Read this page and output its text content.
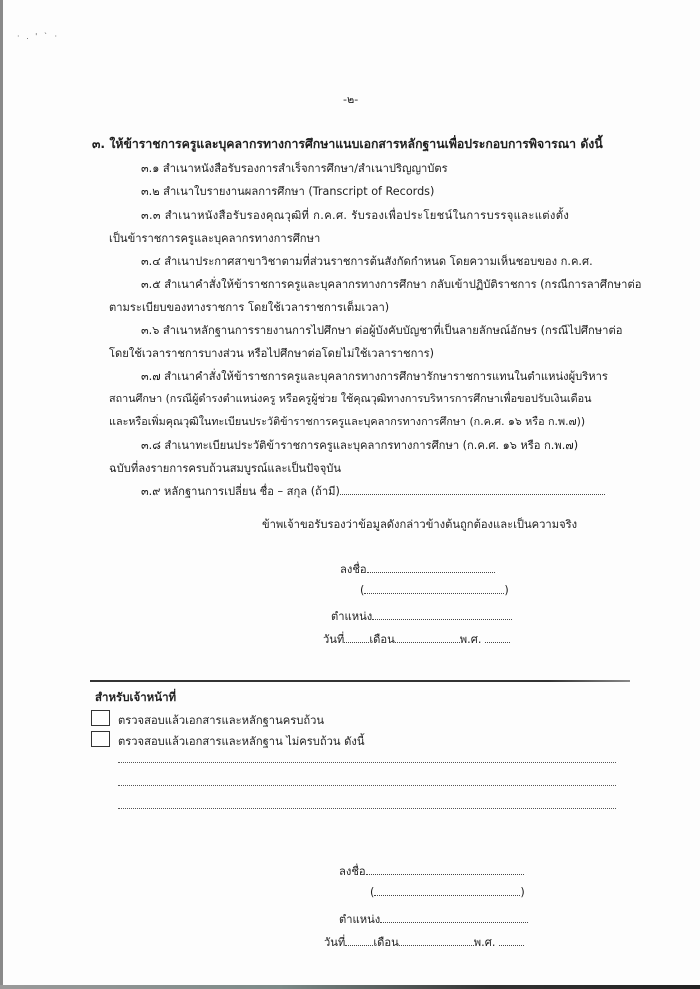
· . ' ` ·
-๒-
๓. ให้ข้าราชการครูและบุคลากรทางการศึกษาแนบเอกสารหลักฐานเพื่อประกอบการพิจารณา ดังนี้
๓.๑ สำเนาหนังสือรับรองการสำเร็จการศึกษา/สำเนาปริญญาบัตร
๓.๒ สำเนาใบรายงานผลการศึกษา (Transcript of Records)
๓.๓ สำเนาหนังสือรับรองคุณวุฒิที่ ก.ค.ศ. รับรองเพื่อประโยชน์ในการบรรจุและแต่งตั้ง
เป็นข้าราชการครูและบุคลากรทางการศึกษา
๓.๔ สำเนาประกาศสาขาวิชาตามที่ส่วนราชการต้นสังกัดกำหนด โดยความเห็นชอบของ ก.ค.ศ.
๓.๕ สำเนาคำสั่งให้ข้าราชการครูและบุคลากรทางการศึกษา กลับเข้าปฏิบัติราชการ (กรณีการลาศึกษาต่อ
ตามระเบียบของทางราชการ โดยใช้เวลาราชการเต็มเวลา)
๓.๖ สำเนาหลักฐานการรายงานการไปศึกษา ต่อผู้บังคับบัญชาที่เป็นลายลักษณ์อักษร (กรณีไปศึกษาต่อ
โดยใช้เวลาราชการบางส่วน หรือไปศึกษาต่อโดยไม่ใช้เวลาราชการ)
๓.๗ สำเนาคำสั่งให้ข้าราชการครูและบุคลากรทางการศึกษารักษาราชการแทนในตำแหน่งผู้บริหาร
สถานศึกษา (กรณีผู้ดำรงตำแหน่งครู หรือครูผู้ช่วย ใช้คุณวุฒิทางการบริหารการศึกษาเพื่อขอปรับเงินเดือน
และหรือเพิ่มคุณวุฒิในทะเบียนประวัติข้าราชการครูและบุคลากรทางการศึกษา (ก.ค.ศ. ๑๖ หรือ ก.พ.๗))
๓.๘ สำเนาทะเบียนประวัติข้าราชการครูและบุคลากรทางการศึกษา (ก.ค.ศ. ๑๖ หรือ ก.พ.๗)
ฉบับที่ลงรายการครบถ้วนสมบูรณ์และเป็นปัจจุบัน
๓.๙ หลักฐานการเปลี่ยน ชื่อ – สกุล (ถ้ามี)
ข้าพเจ้าขอรับรองว่าข้อมูลดังกล่าวข้างต้นถูกต้องและเป็นความจริง
ลงชื่อ
(	)
ตำแหน่ง
วันที่ เดือน	พ.ศ.
สำหรับเจ้าหน้าที่
ตรวจสอบแล้วเอกสารและหลักฐานครบถ้วน
ตรวจสอบแล้วเอกสารและหลักฐาน ไม่ครบถ้วน ดังนี้
ลงชื่อ
(	)
ตำแหน่ง
วันที่	เดือน	พ.ศ.
